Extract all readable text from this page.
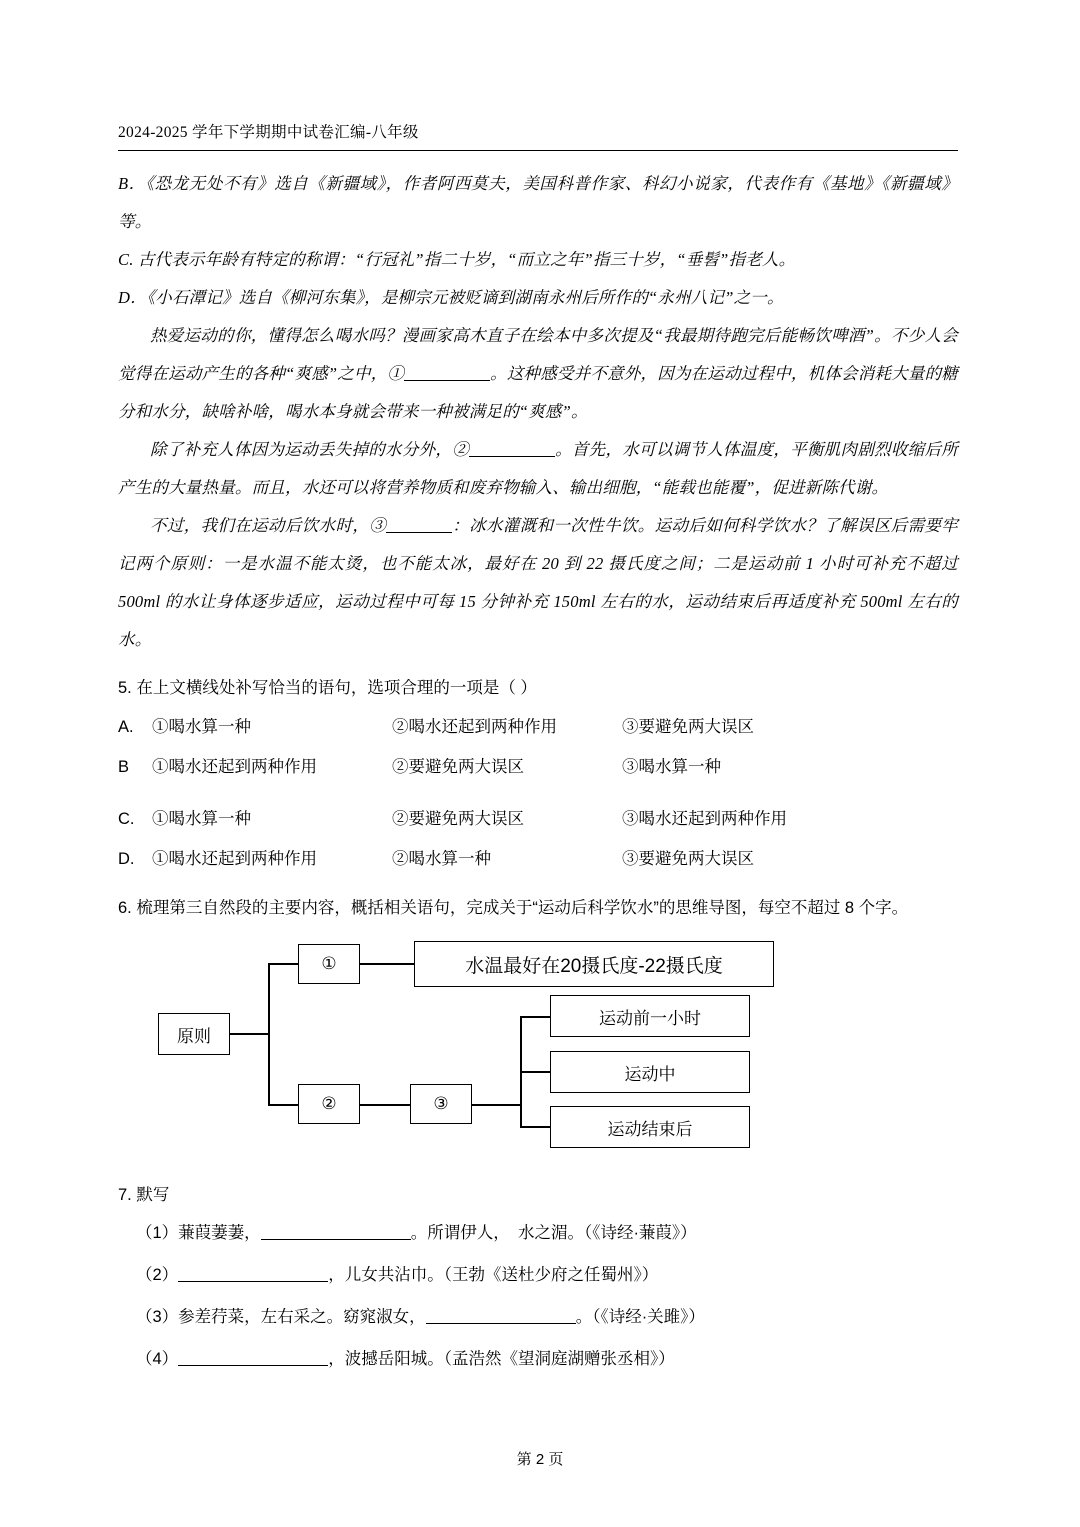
2024-2025 学年下学期期中试卷汇编-八年级

B．《恐龙无处不有》选自《新疆域》，作者阿西莫夫，美国科普作家、科幻小说家，代表作有《基地》《新疆域》等。

C. 古代表示年龄有特定的称谓：“行冠礼”指二十岁，“而立之年”指三十岁，“垂髫”指老人。

D．《小石潭记》选自《柳河东集》，是柳宗元被贬谪到湖南永州后所作的“永州八记”之一。

热爱运动的你，懂得怎么喝水吗？漫画家高木直子在绘本中多次提及“我最期待跑完后能畅饮啤酒”。不少人会觉得在运动产生的各种“爽感”之中，①	。这种感受并不意外，因为在运动过程中，机体会消耗大量的糖分和水分，缺啥补啥，喝水本身就会带来一种被满足的“爽感”。

除了补充人体因为运动丢失掉的水分外，②	。首先，水可以调节人体温度，平衡肌肉剧烈收缩后所产生的大量热量。而且，水还可以将营养物质和废弃物输入、输出细胞，“能载也能覆”，促进新陈代谢。

不过，我们在运动后饮水时，③	：冰水灌溉和一次性牛饮。运动后如何科学饮水？了解误区后需要牢记两个原则：一是水温不能太烫，也不能太冰，最好在 20 到 22 摄氏度之间；二是运动前 1 小时可补充不超过 500ml 的水让身体逐步适应，运动过程中可每 15 分钟补充 150ml 左右的水，运动结束后再适度补充 500ml 左右的水。

5. 在上文横线处补写恰当的语句，选项合理的一项是（ ）
A.	①喝水算一种	②喝水还起到两种作用	③要避免两大误区
B	①喝水还起到两种作用	②要避免两大误区	③喝水算一种
C.	①喝水算一种	②要避免两大误区	③喝水还起到两种作用
D.	①喝水还起到两种作用	②喝水算一种	③要避免两大误区
6. 梳理第三自然段的主要内容，概括相关语句，完成关于“运动后科学饮水”的思维导图，每空不超过 8 个字。
原则
①	水温最好在20摄氏度-22摄氏度
②	③
运动前一小时
运动中
运动结束后
7. 默写
（1）蒹葭萋萋，	。所谓伊人，　水之湄。（《诗经·蒹葭》）
（2）	，儿女共沾巾。（王勃《送杜少府之任蜀州》）
（3）参差荇菜，左右采之。窈窕淑女，	。（《诗经·关雎》）
（4）	，波撼岳阳城。（孟浩然《望洞庭湖赠张丞相》）
第 2 页
